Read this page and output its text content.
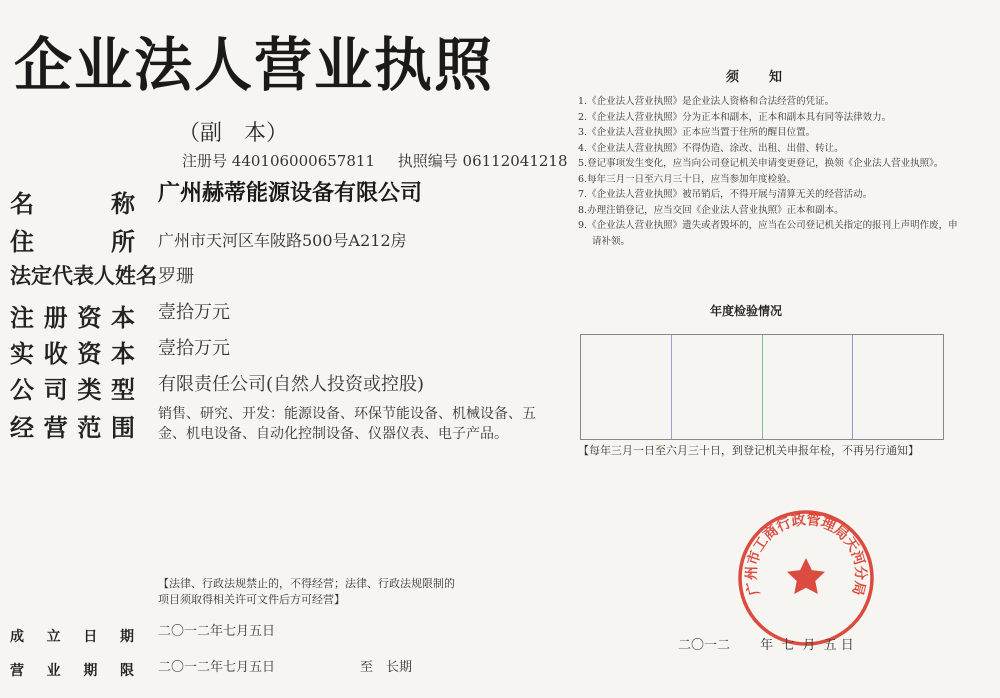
企业法人营业执照
（副　本）
注册号 440106000657811 执照编号 06112041218
名	称 广州赫蒂能源设备有限公司
住	所 广州市天河区车陂路500号A212房
法定代表人姓名 罗珊
注 册 资 本 壹拾万元
实 收 资 本 壹拾万元
公 司 类 型 有限责任公司(自然人投资或控股)
经 营 范 围 销售、研究、开发：能源设备、环保节能设备、机械设备、五金、机电设备、自动化控制设备、仪器仪表、电子产品。
须知
1.《企业法人营业执照》是企业法人资格和合法经营的凭证。
2.《企业法人营业执照》分为正本和副本，正本和副本具有同等法律效力。
3.《企业法人营业执照》正本应当置于住所的醒目位置。
4.《企业法人营业执照》不得伪造、涂改、出租、出借、转让。
5.登记事项发生变化，应当向公司登记机关申请变更登记，换领《企业法人营业执照》。
6.每年三月一日至六月三十日，应当参加年度检验。
7.《企业法人营业执照》被吊销后，不得开展与清算无关的经营活动。
8.办理注销登记，应当交回《企业法人营业执照》正本和副本。
9.《企业法人营业执照》遗失或者毁坏的，应当在公司登记机关指定的报刊上声明作废，申请补领。
年度检验情况
【每年三月一日至六月三十日，到登记机关申报年检，不再另行通知】
【法律、行政法规禁止的，不得经营；法律、行政法规限制的项目须取得相关许可文件后方可经营】
成 立 日 期 二〇一二年七月五日
营 业 期 限 二〇一二年七月五日	至　长期
广州市工商行政管理局天河分局
二〇一二 年 七 月 五 日
